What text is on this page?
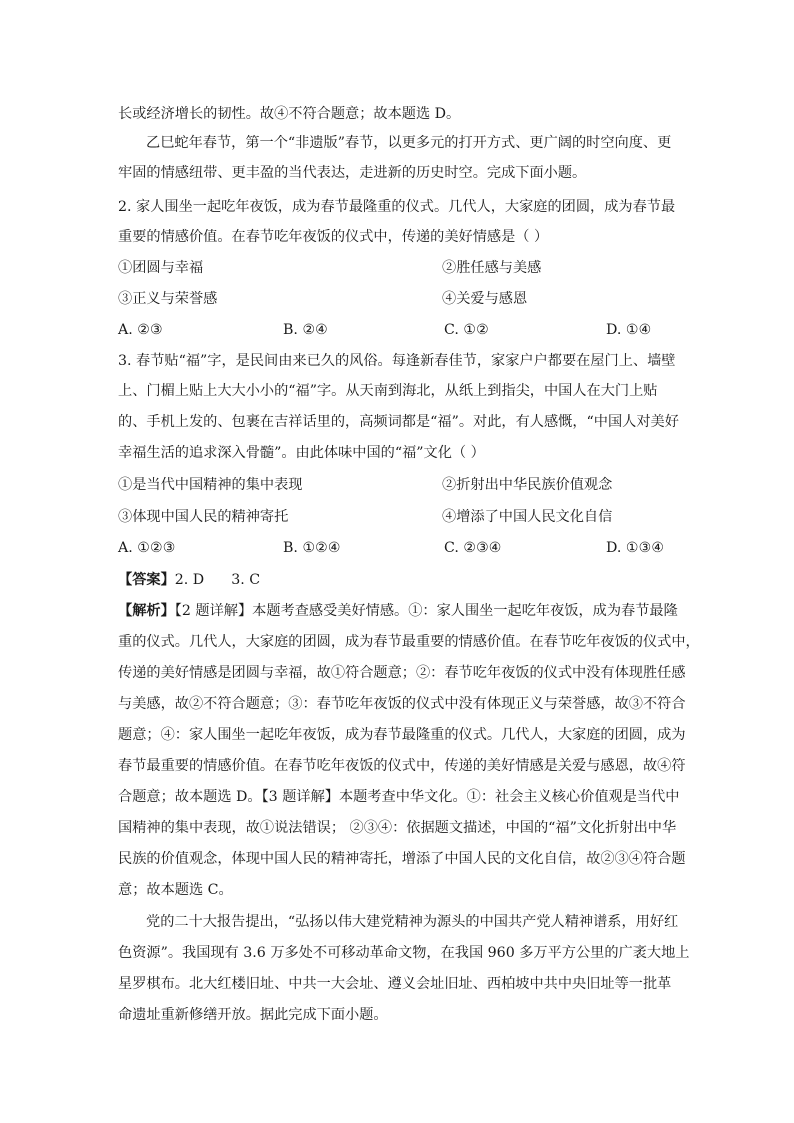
长或经济增长的韧性。故④不符合题意；故本题选 D。
乙巳蛇年春节，第一个“非遗版”春节，以更多元的打开方式、更广阔的时空向度、更
牢固的情感纽带、更丰盈的当代表达，走进新的历史时空。完成下面小题。
2. 家人围坐一起吃年夜饭，成为春节最隆重的仪式。几代人，大家庭的团圆，成为春节最
重要的情感价值。在春节吃年夜饭的仪式中，传递的美好情感是（ ）
①团圆与幸福	②胜任感与美感
③正义与荣誉感	④关爱与感恩
A. ②③	B. ②④	C. ①②	D. ①④
3. 春节贴“福”字，是民间由来已久的风俗。每逢新春佳节，家家户户都要在屋门上、墙壁
上、门楣上贴上大大小小的“福”字。从天南到海北，从纸上到指尖，中国人在大门上贴
的、手机上发的、包裹在吉祥话里的，高频词都是“福”。对此，有人感慨，“中国人对美好
幸福生活的追求深入骨髓”。由此体味中国的“福”文化（ ）
①是当代中国精神的集中表现	②折射出中华民族价值观念
③体现中国人民的精神寄托	④增添了中国人民文化自信
A. ①②③	B. ①②④	C. ②③④	D. ①③④
【答案】2. D      3. C
【解析】【2 题详解】本题考查感受美好情感。①：家人围坐一起吃年夜饭，成为春节最隆
重的仪式。几代人，大家庭的团圆，成为春节最重要的情感价值。在春节吃年夜饭的仪式中，
传递的美好情感是团圆与幸福，故①符合题意；②：春节吃年夜饭的仪式中没有体现胜任感
与美感，故②不符合题意；③：春节吃年夜饭的仪式中没有体现正义与荣誉感，故③不符合
题意；④：家人围坐一起吃年夜饭，成为春节最隆重的仪式。几代人，大家庭的团圆，成为
春节最重要的情感价值。在春节吃年夜饭的仪式中，传递的美好情感是关爱与感恩，故④符
合题意；故本题选 D。【3 题详解】本题考查中华文化。①：社会主义核心价值观是当代中
国精神的集中表现，故①说法错误； ②③④：依据题文描述，中国的“福”文化折射出中华
民族的价值观念，体现中国人民的精神寄托，增添了中国人民的文化自信，故②③④符合题
意；故本题选 C。
党的二十大报告提出，“弘扬以伟大建党精神为源头的中国共产党人精神谱系，用好红
色资源”。我国现有 3.6 万多处不可移动革命文物，在我国 960 多万平方公里的广袤大地上
星罗棋布。北大红楼旧址、中共一大会址、遵义会址旧址、西柏坡中共中央旧址等一批革
命遗址重新修缮开放。据此完成下面小题。
